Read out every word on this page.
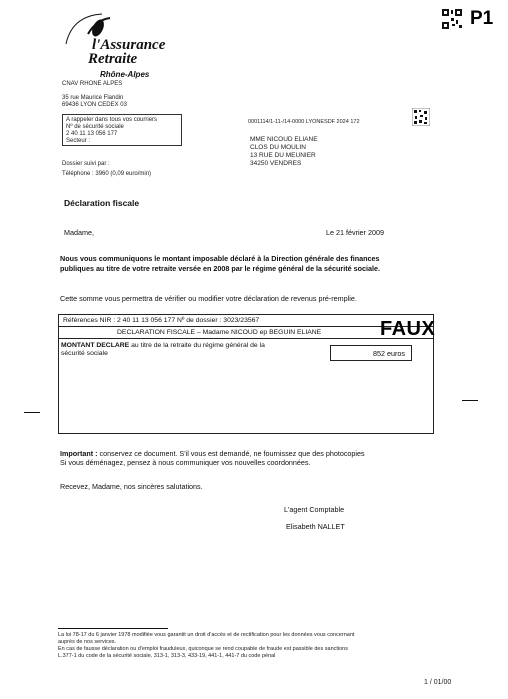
l'Assurance
Retraite
Rhône-Alpes
P1
CNAV RHONE ALPES
35 rue Maurice Flandin
69436 LYON CEDEX 03
A rappeler dans tous vos courriers
Nº de sécurité sociale
2 40 11 13 056 177
Secteur :
Dossier suivi par :
Téléphone : 3960 (0,09 euro/min)
0001114/1-11-/14-0000 LYONESDF 2024 172
MME NICOUD ELIANE
CLOS DU MOULIN
13 RUE DU MEUNIER
34250 VENDRES
Déclaration fiscale
Madame,	Le 21 février 2009
Nous vous communiquons le montant imposable déclaré à la Direction générale des finances
publiques au titre de votre retraite versée en 2008 par le régime général de la sécurité sociale.
Cette somme vous permettra de vérifier ou modifier votre déclaration de revenus pré-remplie.
Références NIR : 2 40 11 13 056 177 Nº de dossier : 3023/23567
DECLARATION FISCALE – Madame NICOUD ep BEGUIN ELIANE
MONTANT DECLARE au titre de la retraite du régime général de la
sécurité sociale	852 euros
FAUX
Important : conservez ce document. S'il vous est demandé, ne fournissez que des photocopies
Si vous déménagez, pensez à nous communiquer vos nouvelles coordonnées.
Recevez, Madame, nos sincères salutations.
L'agent Comptable
Elisabeth NALLET
La loi 78-17 du 6 janvier 1978 modifiée vous garantit un droit d'accès et de rectification pour les données vous concernant
auprès de nos services.
En cas de fausse déclaration ou d'emploi frauduleux, quiconque se rend coupable de fraude est passible des sanctions
L.377-1 du code de la sécurité sociale, 313-1, 313-3, 433-19, 441-1, 441-7 du code pénal
1 / 01/00
